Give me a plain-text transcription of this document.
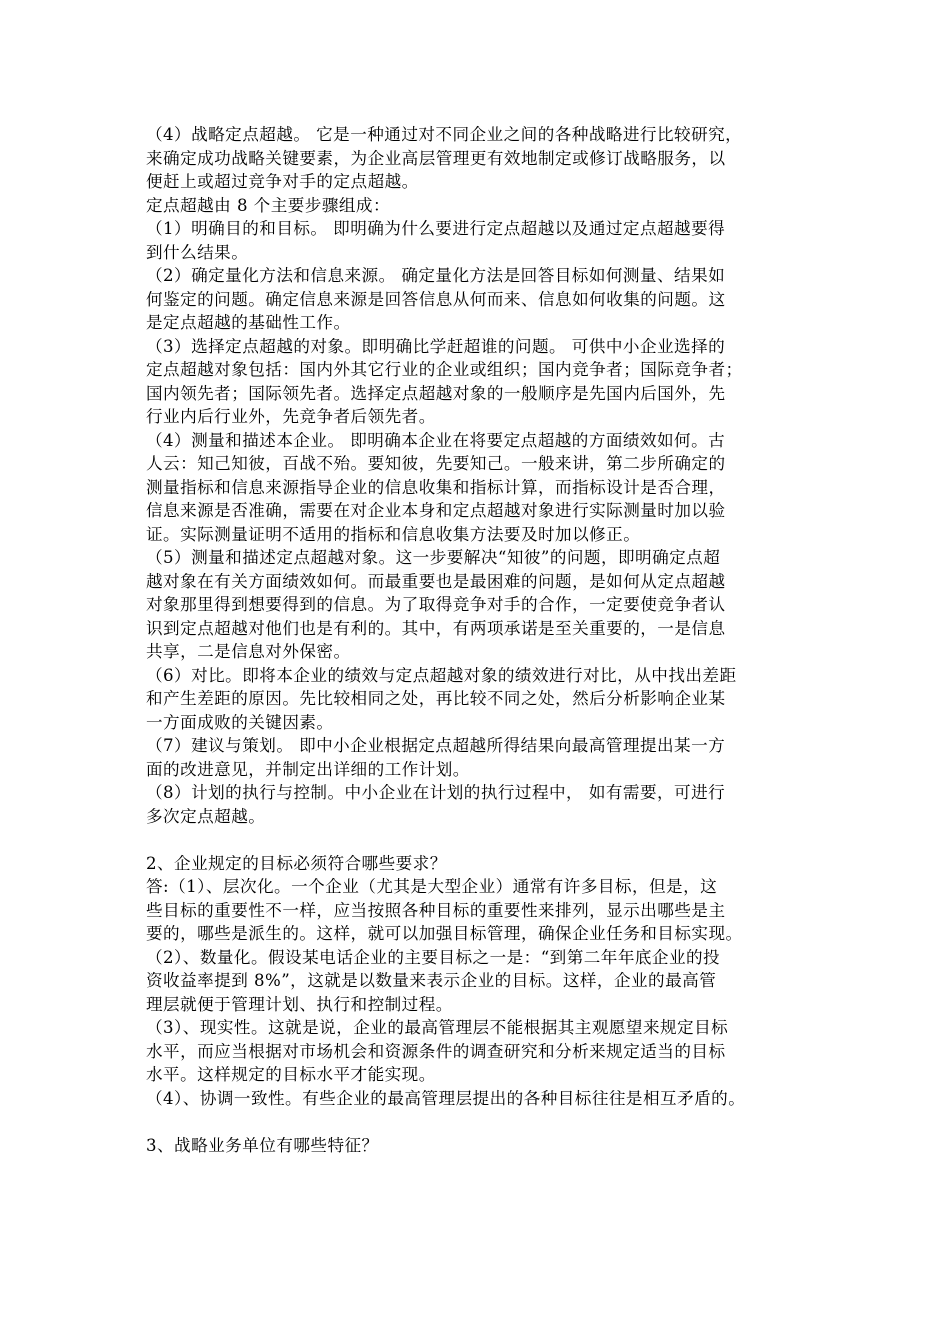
（4）战略定点超越。 它是一种通过对不同企业之间的各种战略进行比较研究，
来确定成功战略关键要素，为企业高层管理更有效地制定或修订战略服务，以
便赶上或超过竞争对手的定点超越。
定点超越由 8 个主要步骤组成：
（1）明确目的和目标。 即明确为什么要进行定点超越以及通过定点超越要得
到什么结果。
（2）确定量化方法和信息来源。 确定量化方法是回答目标如何测量、结果如
何鉴定的问题。确定信息来源是回答信息从何而来、信息如何收集的问题。这
是定点超越的基础性工作。
（3）选择定点超越的对象。即明确比学赶超谁的问题。 可供中小企业选择的
定点超越对象包括：国内外其它行业的企业或组织；国内竞争者；国际竞争者；
国内领先者；国际领先者。选择定点超越对象的一般顺序是先国内后国外，先
行业内后行业外，先竞争者后领先者。
（4）测量和描述本企业。 即明确本企业在将要定点超越的方面绩效如何。古
人云：知己知彼，百战不殆。要知彼，先要知己。一般来讲，第二步所确定的
测量指标和信息来源指导企业的信息收集和指标计算，而指标设计是否合理，
信息来源是否准确，需要在对企业本身和定点超越对象进行实际测量时加以验
证。实际测量证明不适用的指标和信息收集方法要及时加以修正。
（5）测量和描述定点超越对象。这一步要解决“知彼”的问题，即明确定点超
越对象在有关方面绩效如何。而最重要也是最困难的问题，是如何从定点超越
对象那里得到想要得到的信息。为了取得竞争对手的合作，一定要使竞争者认
识到定点超越对他们也是有利的。其中，有两项承诺是至关重要的，一是信息
共享，二是信息对外保密。
（6）对比。即将本企业的绩效与定点超越对象的绩效进行对比，从中找出差距
和产生差距的原因。先比较相同之处，再比较不同之处，然后分析影响企业某
一方面成败的关键因素。
（7）建议与策划。 即中小企业根据定点超越所得结果向最高管理提出某一方
面的改进意见，并制定出详细的工作计划。
（8）计划的执行与控制。中小企业在计划的执行过程中， 如有需要，可进行
多次定点超越。
2、企业规定的目标必须符合哪些要求？
答:（1）、层次化。一个企业（尤其是大型企业）通常有许多目标，但是，这
些目标的重要性不一样，应当按照各种目标的重要性来排列，显示出哪些是主
要的，哪些是派生的。这样，就可以加强目标管理，确保企业任务和目标实现。
（2）、数量化。假设某电话企业的主要目标之一是：“到第二年年底企业的投
资收益率提到 8%”，这就是以数量来表示企业的目标。这样，企业的最高管
理层就便于管理计划、执行和控制过程。
（3）、现实性。这就是说，企业的最高管理层不能根据其主观愿望来规定目标
水平，而应当根据对市场机会和资源条件的调查研究和分析来规定适当的目标
水平。这样规定的目标水平才能实现。
（4）、协调一致性。有些企业的最高管理层提出的各种目标往往是相互矛盾的。
3、战略业务单位有哪些特征？
